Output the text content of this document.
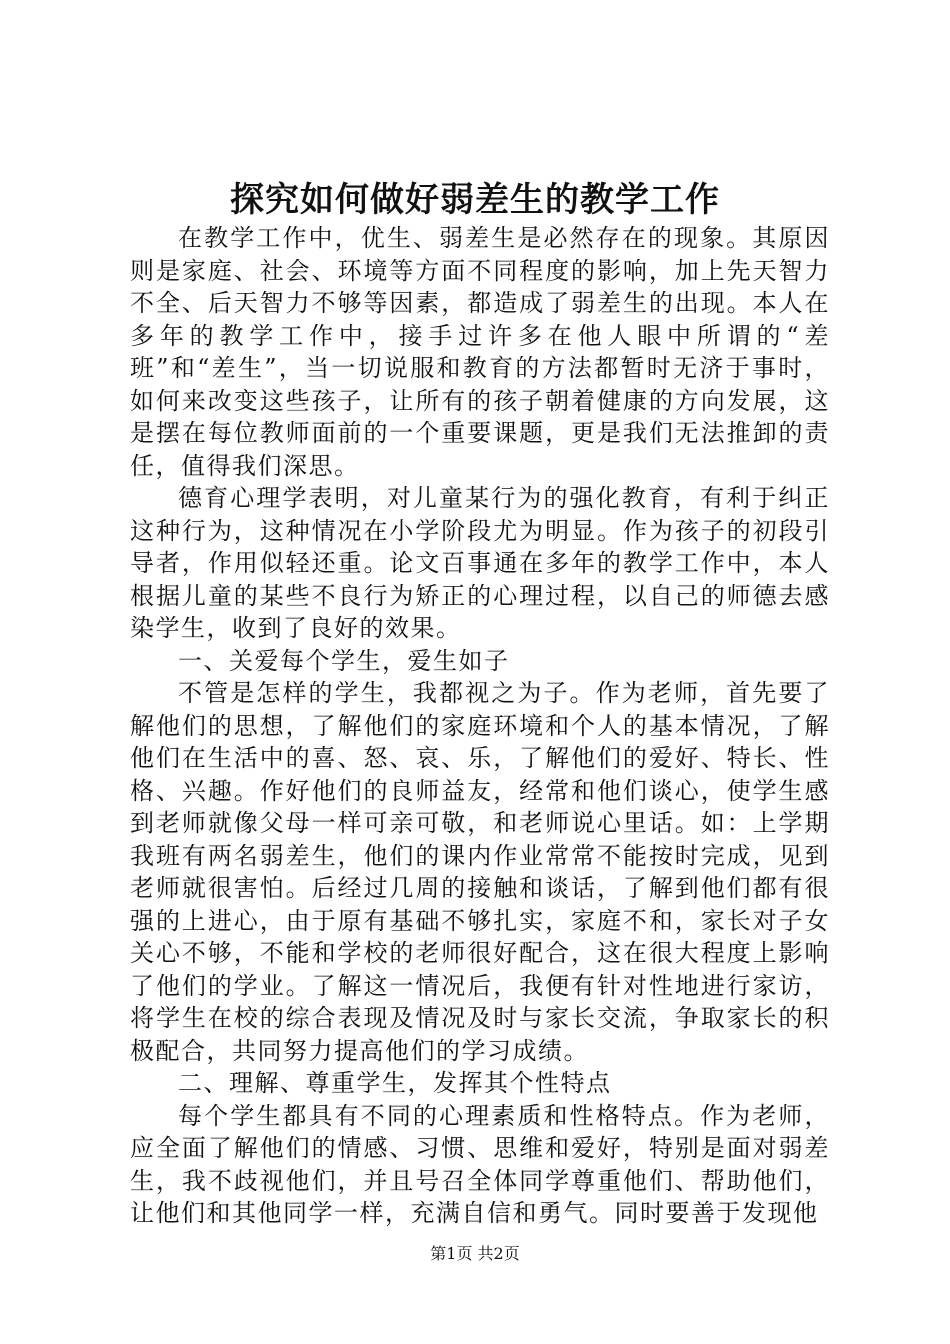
探究如何做好弱差生的教学工作

在教学工作中，优生、弱差生是必然存在的现象。其原因则是家庭、社会、环境等方面不同程度的影响，加上先天智力不全、后天智力不够等因素，都造成了弱差生的出现。本人在多年的教学工作中，接手过许多在他人眼中所谓的“差班”和“差生”，当一切说服和教育的方法都暂时无济于事时，如何来改变这些孩子，让所有的孩子朝着健康的方向发展，这是摆在每位教师面前的一个重要课题，更是我们无法推卸的责任，值得我们深思。

德育心理学表明，对儿童某行为的强化教育，有利于纠正这种行为，这种情况在小学阶段尤为明显。作为孩子的初段引导者，作用似轻还重。论文百事通在多年的教学工作中，本人根据儿童的某些不良行为矫正的心理过程，以自己的师德去感染学生，收到了良好的效果。

一、关爱每个学生，爱生如子

不管是怎样的学生，我都视之为子。作为老师，首先要了解他们的思想，了解他们的家庭环境和个人的基本情况，了解他们在生活中的喜、怒、哀、乐，了解他们的爱好、特长、性格、兴趣。作好他们的良师益友，经常和他们谈心，使学生感到老师就像父母一样可亲可敬，和老师说心里话。如：上学期我班有两名弱差生，他们的课内作业常常不能按时完成，见到老师就很害怕。后经过几周的接触和谈话，了解到他们都有很强的上进心，由于原有基础不够扎实，家庭不和，家长对子女关心不够，不能和学校的老师很好配合，这在很大程度上影响了他们的学业。了解这一情况后，我便有针对性地进行家访，将学生在校的综合表现及情况及时与家长交流，争取家长的积极配合，共同努力提高他们的学习成绩。

二、理解、尊重学生，发挥其个性特点

每个学生都具有不同的心理素质和性格特点。作为老师，应全面了解他们的情感、习惯、思维和爱好，特别是面对弱差生，我不歧视他们，并且号召全体同学尊重他们、帮助他们，让他们和其他同学一样，充满自信和勇气。同时要善于发现他

第1页 共2页
